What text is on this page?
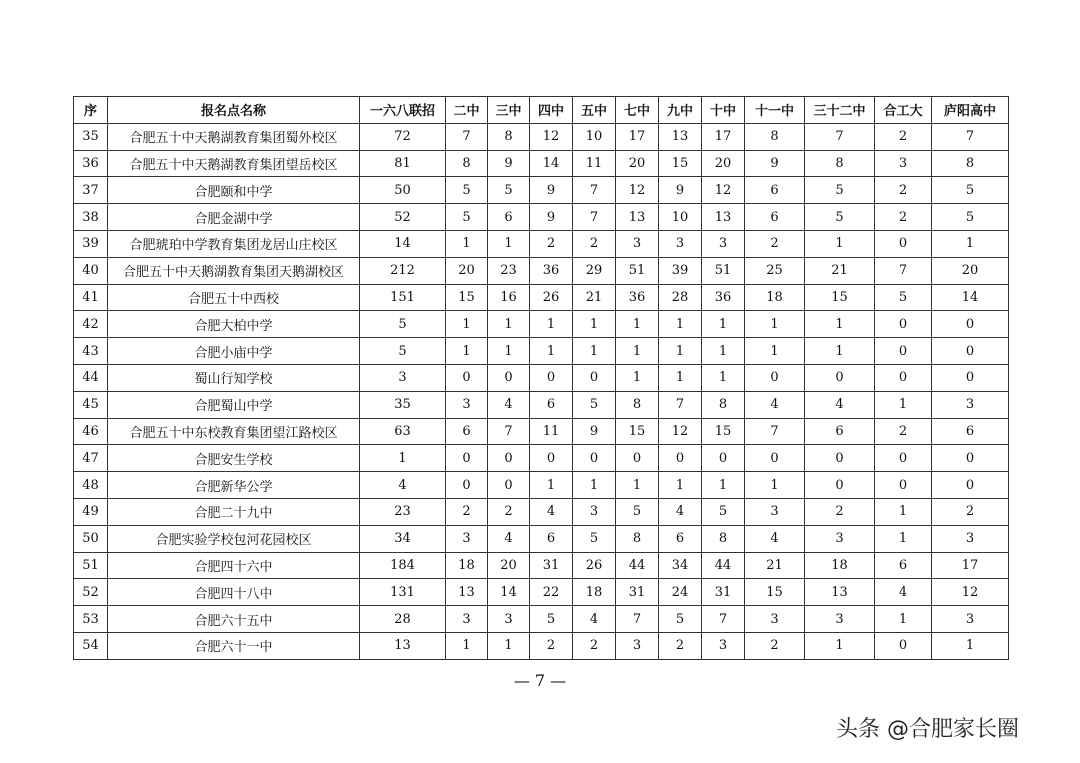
序	报名点名称	一六八联招	二中	三中	四中	五中	七中	九中	十中	十一中	三十二中	合工大	庐阳高中
35	合肥五十中天鹅湖教育集团蜀外校区	72	7	8	12	10	17	13	17	8	7	2	7
36	合肥五十中天鹅湖教育集团望岳校区	81	8	9	14	11	20	15	20	9	8	3	8
37	合肥颐和中学	50	5	5	9	7	12	9	12	6	5	2	5
38	合肥金湖中学	52	5	6	9	7	13	10	13	6	5	2	5
39	合肥琥珀中学教育集团龙居山庄校区	14	1	1	2	2	3	3	3	2	1	0	1
40	合肥五十中天鹅湖教育集团天鹅湖校区	212	20	23	36	29	51	39	51	25	21	7	20
41	合肥五十中西校	151	15	16	26	21	36	28	36	18	15	5	14
42	合肥大柏中学	5	1	1	1	1	1	1	1	1	1	0	0
43	合肥小庙中学	5	1	1	1	1	1	1	1	1	1	0	0
44	蜀山行知学校	3	0	0	0	0	1	1	1	0	0	0	0
45	合肥蜀山中学	35	3	4	6	5	8	7	8	4	4	1	3
46	合肥五十中东校教育集团望江路校区	63	6	7	11	9	15	12	15	7	6	2	6
47	合肥安生学校	1	0	0	0	0	0	0	0	0	0	0	0
48	合肥新华公学	4	0	0	1	1	1	1	1	1	0	0	0
49	合肥二十九中	23	2	2	4	3	5	4	5	3	2	1	2
50	合肥实验学校包河花园校区	34	3	4	6	5	8	6	8	4	3	1	3
51	合肥四十六中	184	18	20	31	26	44	34	44	21	18	6	17
52	合肥四十八中	131	13	14	22	18	31	24	31	15	13	4	12
53	合肥六十五中	28	3	3	5	4	7	5	7	3	3	1	3
54	合肥六十一中	13	1	1	2	2	3	2	3	2	1	0	1
— 7 —
头条 @合肥家长圈
